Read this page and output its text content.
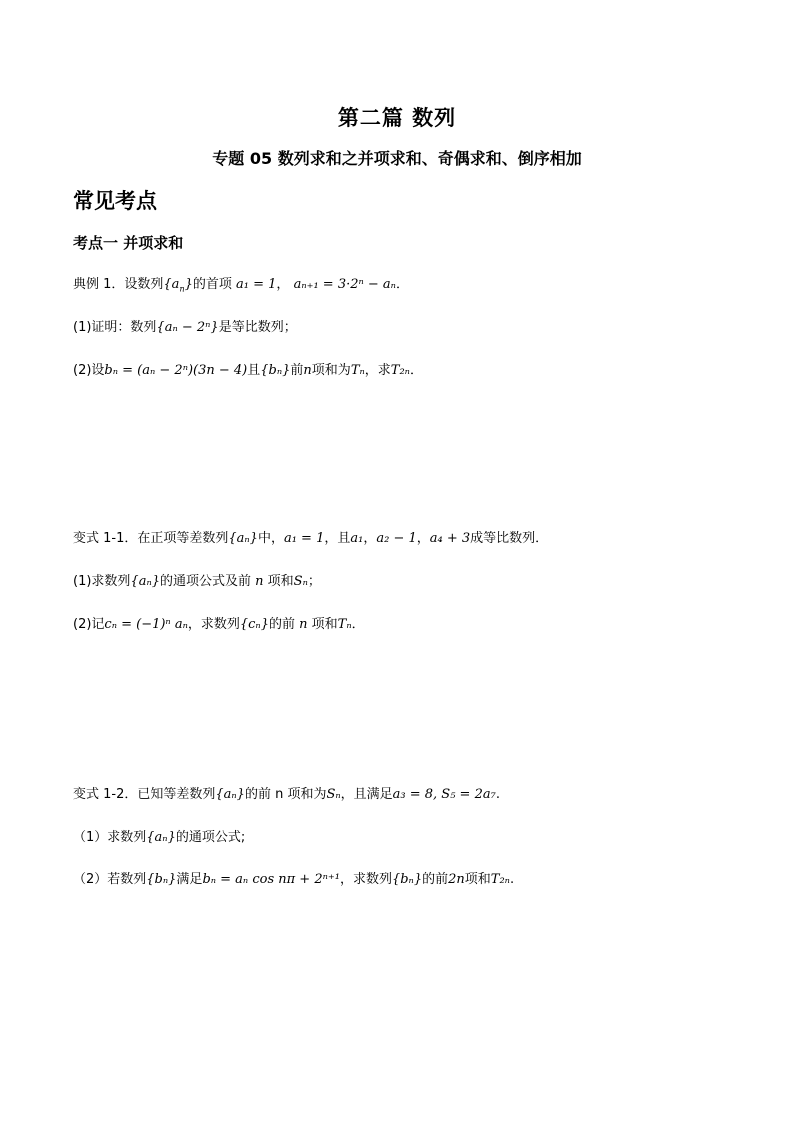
第二篇 数列
专题 05 数列求和之并项求和、奇偶求和、倒序相加
常见考点
考点一 并项求和
典例 1．设数列$\{a_n\}$的首项 a₁ = 1， aₙ₊₁ = 3·2ⁿ − aₙ．
(1)证明：数列{aₙ − 2ⁿ}是等比数列；
(2)设bₙ = (aₙ − 2ⁿ)(3n − 4)且{bₙ}前n项和为Tₙ，求T₂ₙ．
变式 1-1．在正项等差数列{aₙ}中，a₁ = 1，且a₁，a₂ − 1，a₄ + 3成等比数列．
(1)求数列{aₙ}的通项公式及前 n 项和Sₙ；
(2)记cₙ = (−1)ⁿ aₙ，求数列{cₙ}的前 n 项和Tₙ．
变式 1-2．已知等差数列{aₙ}的前 n 项和为Sₙ，且满足a₃ = 8, S₅ = 2a₇.
（1）求数列{aₙ}的通项公式;
（2）若数列{bₙ}满足bₙ = aₙ cos nπ + 2ⁿ⁺¹，求数列{bₙ}的前2n项和T₂ₙ.
